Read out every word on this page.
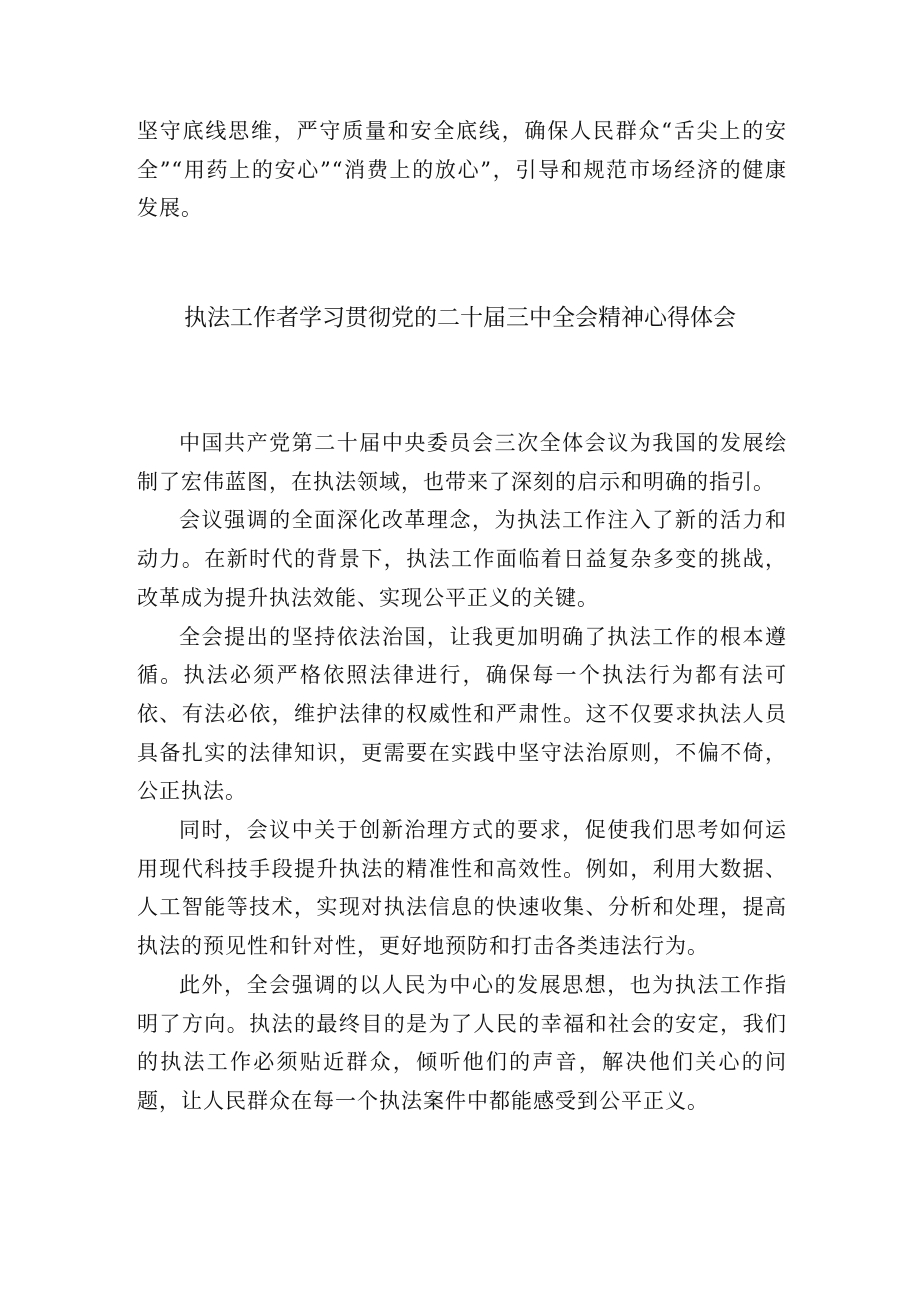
坚守底线思维，严守质量和安全底线，确保人民群众“舌尖上的安全”“用药上的安心”“消费上的放心”，引导和规范市场经济的健康发展。

执法工作者学习贯彻党的二十届三中全会精神心得体会

中国共产党第二十届中央委员会三次全体会议为我国的发展绘制了宏伟蓝图，在执法领域，也带来了深刻的启示和明确的指引。

会议强调的全面深化改革理念，为执法工作注入了新的活力和动力。在新时代的背景下，执法工作面临着日益复杂多变的挑战，改革成为提升执法效能、实现公平正义的关键。

全会提出的坚持依法治国，让我更加明确了执法工作的根本遵循。执法必须严格依照法律进行，确保每一个执法行为都有法可依、有法必依，维护法律的权威性和严肃性。这不仅要求执法人员具备扎实的法律知识，更需要在实践中坚守法治原则，不偏不倚，公正执法。

同时，会议中关于创新治理方式的要求，促使我们思考如何运用现代科技手段提升执法的精准性和高效性。例如，利用大数据、人工智能等技术，实现对执法信息的快速收集、分析和处理，提高执法的预见性和针对性，更好地预防和打击各类违法行为。

此外，全会强调的以人民为中心的发展思想，也为执法工作指明了方向。执法的最终目的是为了人民的幸福和社会的安定，我们的执法工作必须贴近群众，倾听他们的声音，解决他们关心的问题，让人民群众在每一个执法案件中都能感受到公平正义。
